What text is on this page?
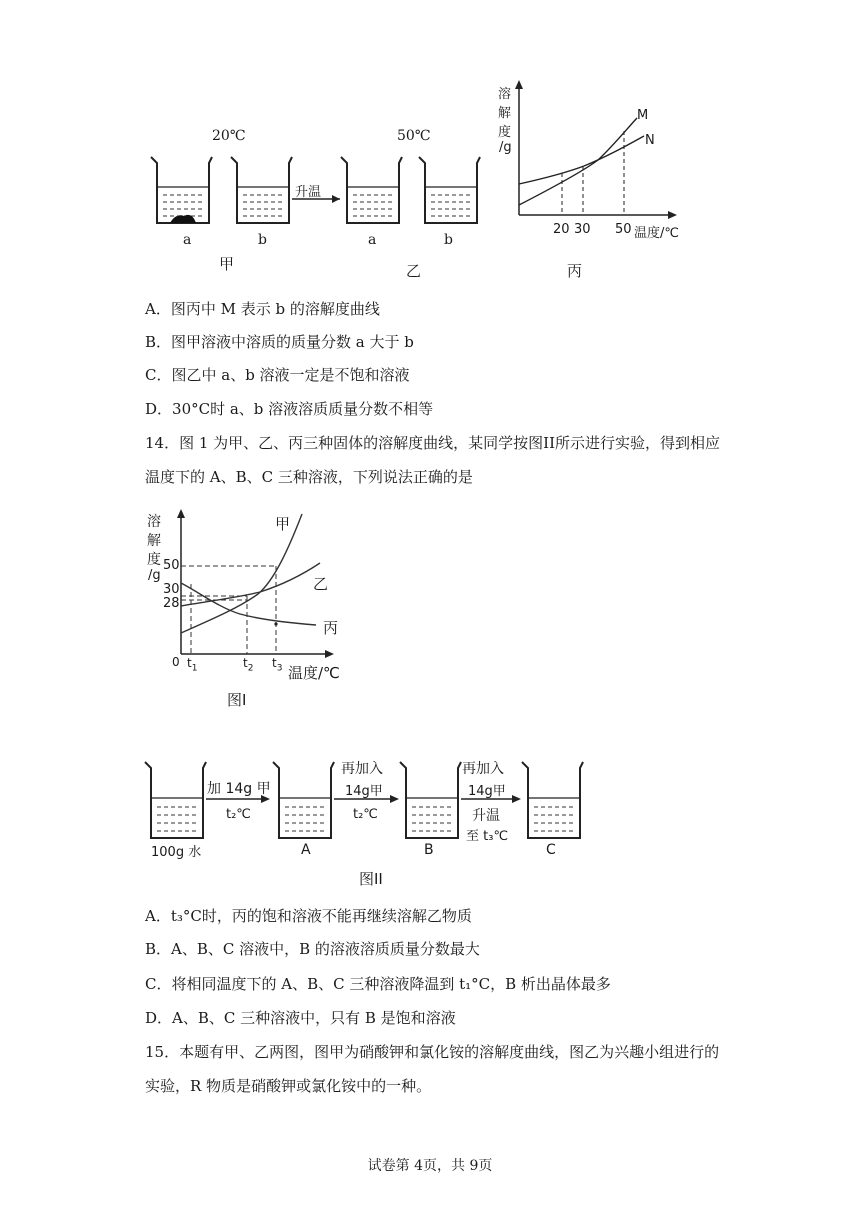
20℃	50℃
升温
a	b	a	b
甲	乙	丙
溶
解
度
/g
M
N
20 30 50 温度/℃
A．图丙中 M 表示 b 的溶解度曲线
B．图甲溶液中溶质的质量分数 a 大于 b
C．图乙中 a、b 溶液一定是不饱和溶液
D．30°C时 a、b 溶液溶质质量分数不相等
14．图 1 为甲、乙、丙三种固体的溶解度曲线，某同学按图II所示进行实验，得到相应
温度下的 A、B、C 三种溶液，下列说法正确的是
溶
解
度
/g
50
30
28
0 $t_1$	$t_2$ $t_3$ 温度/℃
甲
乙
丙
图I
加 14g 甲
t₂℃
再加入
14g甲
t₂℃
再加入
14g甲
升温
至 t₃℃
100g 水	A	B	C
图II
A．t₃°C时，丙的饱和溶液不能再继续溶解乙物质
B．A、B、C 溶液中，B 的溶液溶质质量分数最大
C．将相同温度下的 A、B、C 三种溶液降温到 t₁°C，B 析出晶体最多
D．A、B、C 三种溶液中，只有 B 是饱和溶液
15．本题有甲、乙两图，图甲为硝酸钾和氯化铵的溶解度曲线，图乙为兴趣小组进行的
实验，R 物质是硝酸钾或氯化铵中的一种。
试卷第 4页，共 9页
